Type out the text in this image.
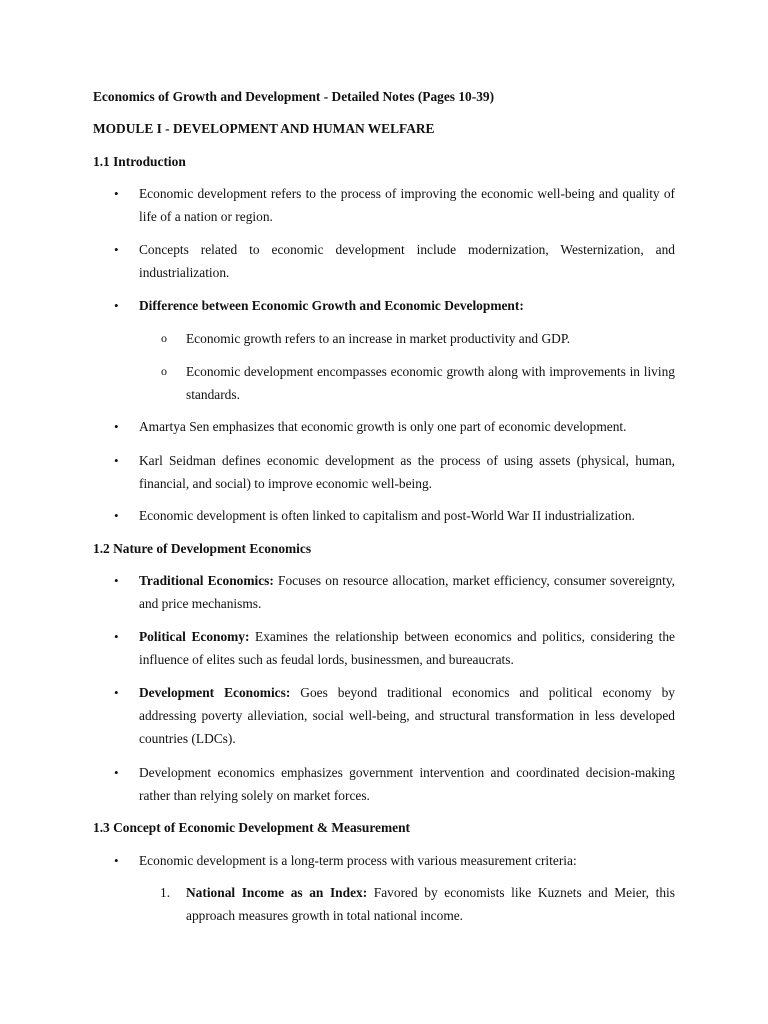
Economics of Growth and Development - Detailed Notes (Pages 10-39)
MODULE I - DEVELOPMENT AND HUMAN WELFARE
1.1 Introduction
•	Economic development refers to the process of improving the economic well-being and quality of life of a nation or region.
•	Concepts related to economic development include modernization, Westernization, and industrialization.
•	Difference between Economic Growth and Economic Development:
o Economic growth refers to an increase in market productivity and GDP.
o Economic development encompasses economic growth along with improvements in living standards.
•	Amartya Sen emphasizes that economic growth is only one part of economic development.
•	Karl Seidman defines economic development as the process of using assets (physical, human, financial, and social) to improve economic well-being.
•	Economic development is often linked to capitalism and post-World War II industrialization.
1.2 Nature of Development Economics
•	Traditional Economics: Focuses on resource allocation, market efficiency, consumer sovereignty, and price mechanisms.
•	Political Economy: Examines the relationship between economics and politics, considering the influence of elites such as feudal lords, businessmen, and bureaucrats.
•	Development Economics: Goes beyond traditional economics and political economy by addressing poverty alleviation, social well-being, and structural transformation in less developed countries (LDCs).
•	Development economics emphasizes government intervention and coordinated decision-making rather than relying solely on market forces.
1.3 Concept of Economic Development & Measurement
•	Economic development is a long-term process with various measurement criteria:
1.	National Income as an Index: Favored by economists like Kuznets and Meier, this approach measures growth in total national income.
